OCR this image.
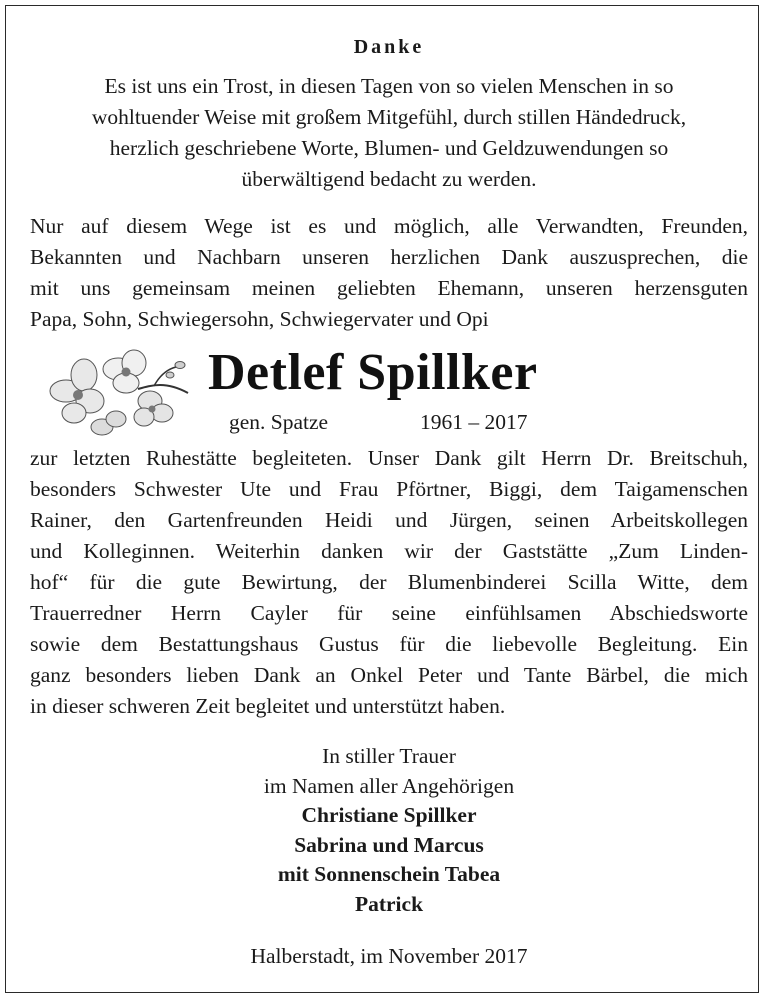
Danke
Es ist uns ein Trost, in diesen Tagen von so vielen Menschen in so
wohltuender Weise mit großem Mitgefühl, durch stillen Händedruck,
herzlich geschriebene Worte, Blumen- und Geldzuwendungen so
überwältigend bedacht zu werden.
Nur auf diesem Wege ist es und möglich, alle Verwandten, Freunden,
Bekannten und Nachbarn unseren herzlichen Dank auszusprechen, die
mit uns gemeinsam meinen geliebten Ehemann, unseren herzensguten
Papa, Sohn, Schwiegersohn, Schwiegervater und Opi
Detlef Spillker
gen. Spatze	1961 – 2017
zur letzten Ruhestätte begleiteten. Unser Dank gilt Herrn Dr. Breitschuh,
besonders Schwester Ute und Frau Pförtner, Biggi, dem Taigamenschen
Rainer, den Gartenfreunden Heidi und Jürgen, seinen Arbeitskollegen
und Kolleginnen. Weiterhin danken wir der Gaststätte „Zum Linden-
hof“ für die gute Bewirtung, der Blumenbinderei Scilla Witte, dem
Trauerredner Herrn Cayler für seine einfühlsamen Abschiedsworte
sowie dem Bestattungshaus Gustus für die liebevolle Begleitung. Ein
ganz besonders lieben Dank an Onkel Peter und Tante Bärbel, die mich
in dieser schweren Zeit begleitet und unterstützt haben.
In stiller Trauer
im Namen aller Angehörigen
Christiane Spillker
Sabrina und Marcus
mit Sonnenschein Tabea
Patrick
Halberstadt, im November 2017
